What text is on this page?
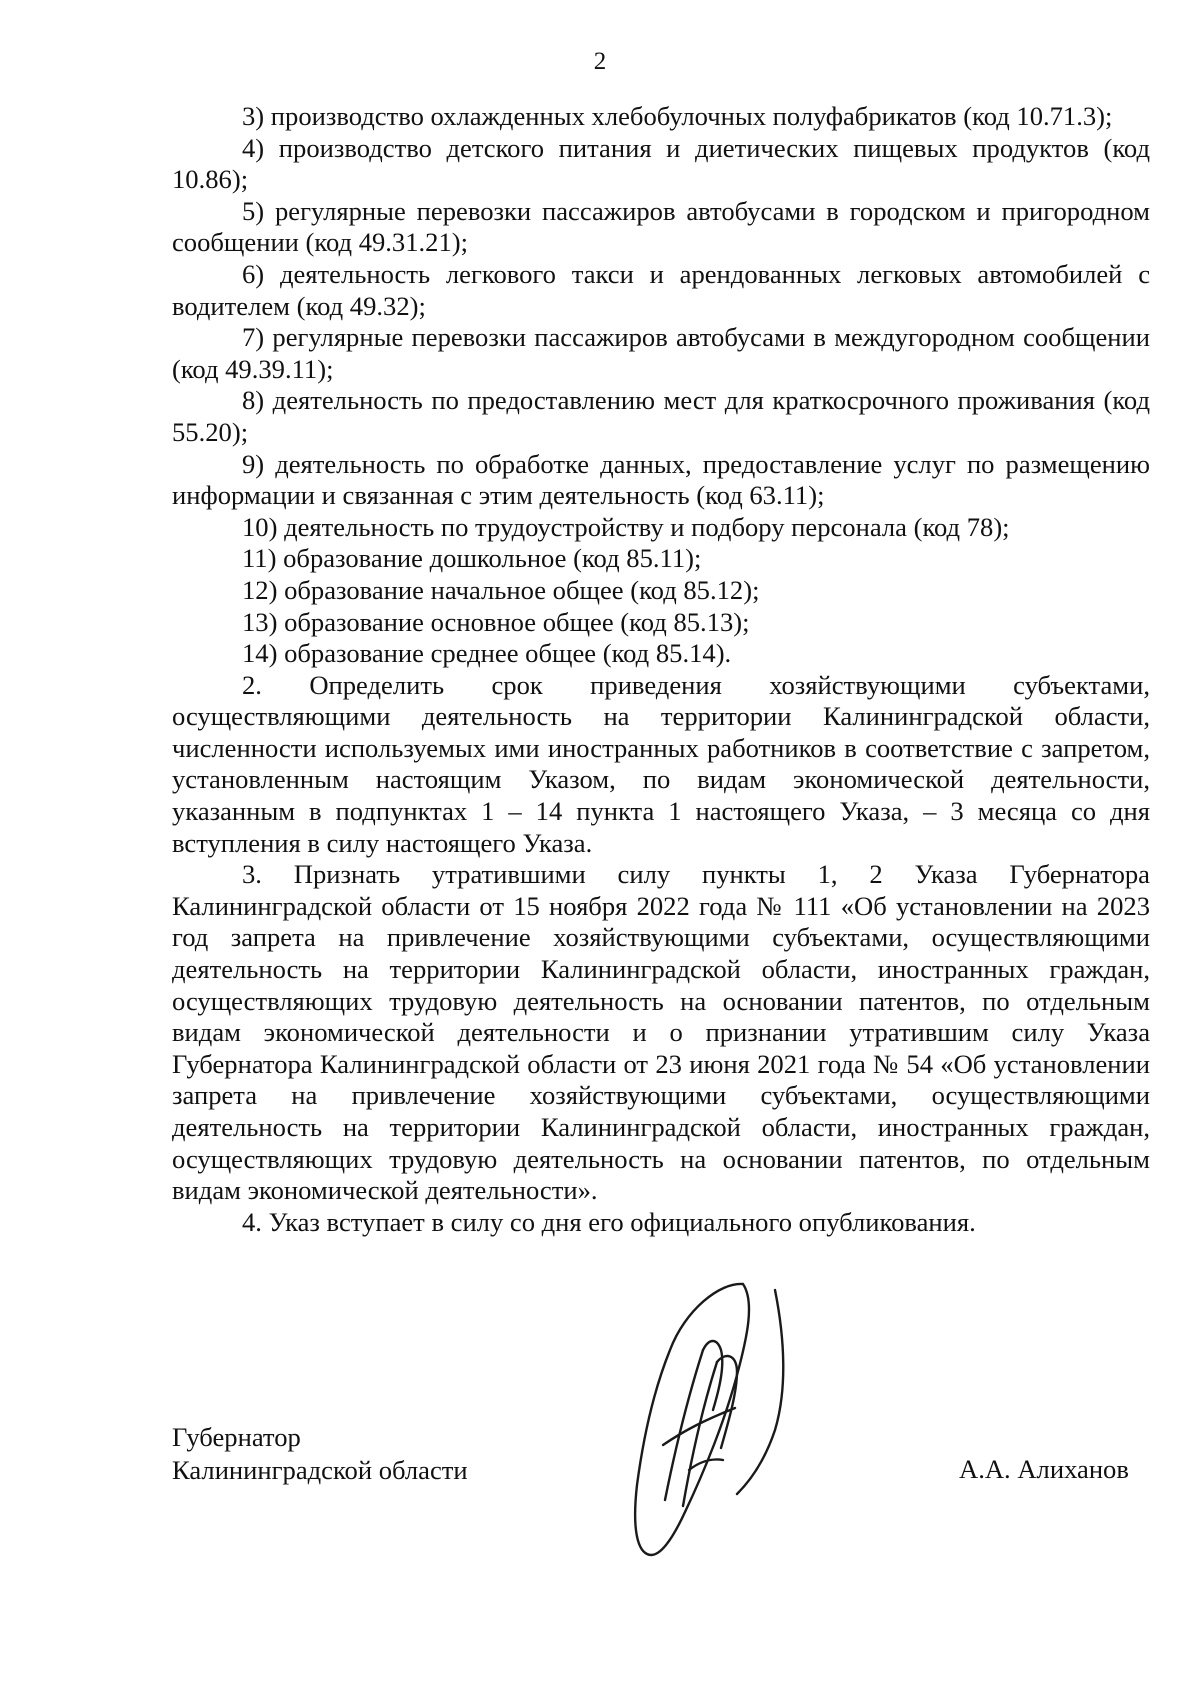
2

3) производство охлажденных хлебобулочных полуфабрикатов (код 10.71.3);

4) производство детского питания и диетических пищевых продуктов (код 10.86);

5) регулярные перевозки пассажиров автобусами в городском и пригородном сообщении (код 49.31.21);

6) деятельность легкового такси и арендованных легковых автомобилей с водителем (код 49.32);

7) регулярные перевозки пассажиров автобусами в междугородном сообщении (код 49.39.11);

8) деятельность по предоставлению мест для краткосрочного проживания (код 55.20);

9) деятельность по обработке данных, предоставление услуг по размещению информации и связанная с этим деятельность (код 63.11);

10) деятельность по трудоустройству и подбору персонала (код 78);

11) образование дошкольное (код 85.11);

12) образование начальное общее (код 85.12);

13) образование основное общее (код 85.13);

14) образование среднее общее (код 85.14).

2. Определить срок приведения хозяйствующими субъектами, осуществляющими деятельность на территории Калининградской области, численности используемых ими иностранных работников в соответствие с запретом, установленным настоящим Указом, по видам экономической деятельности, указанным в подпунктах 1 – 14 пункта 1 настоящего Указа, – 3 месяца со дня вступления в силу настоящего Указа.

3. Признать утратившими силу пункты 1, 2 Указа Губернатора Калининградской области от 15 ноября 2022 года № 111 «Об установлении на 2023 год запрета на привлечение хозяйствующими субъектами, осуществляющими деятельность на территории Калининградской области, иностранных граждан, осуществляющих трудовую деятельность на основании патентов, по отдельным видам экономической деятельности и о признании утратившим силу Указа Губернатора Калининградской области от 23 июня 2021 года № 54 «Об установлении запрета на привлечение хозяйствующими субъектами, осуществляющими деятельность на территории Калининградской области, иностранных граждан, осуществляющих трудовую деятельность на основании патентов, по отдельным видам экономической деятельности».

4. Указ вступает в силу со дня его официального опубликования.

Губернатор
Калининградской области	А.А. Алиханов
